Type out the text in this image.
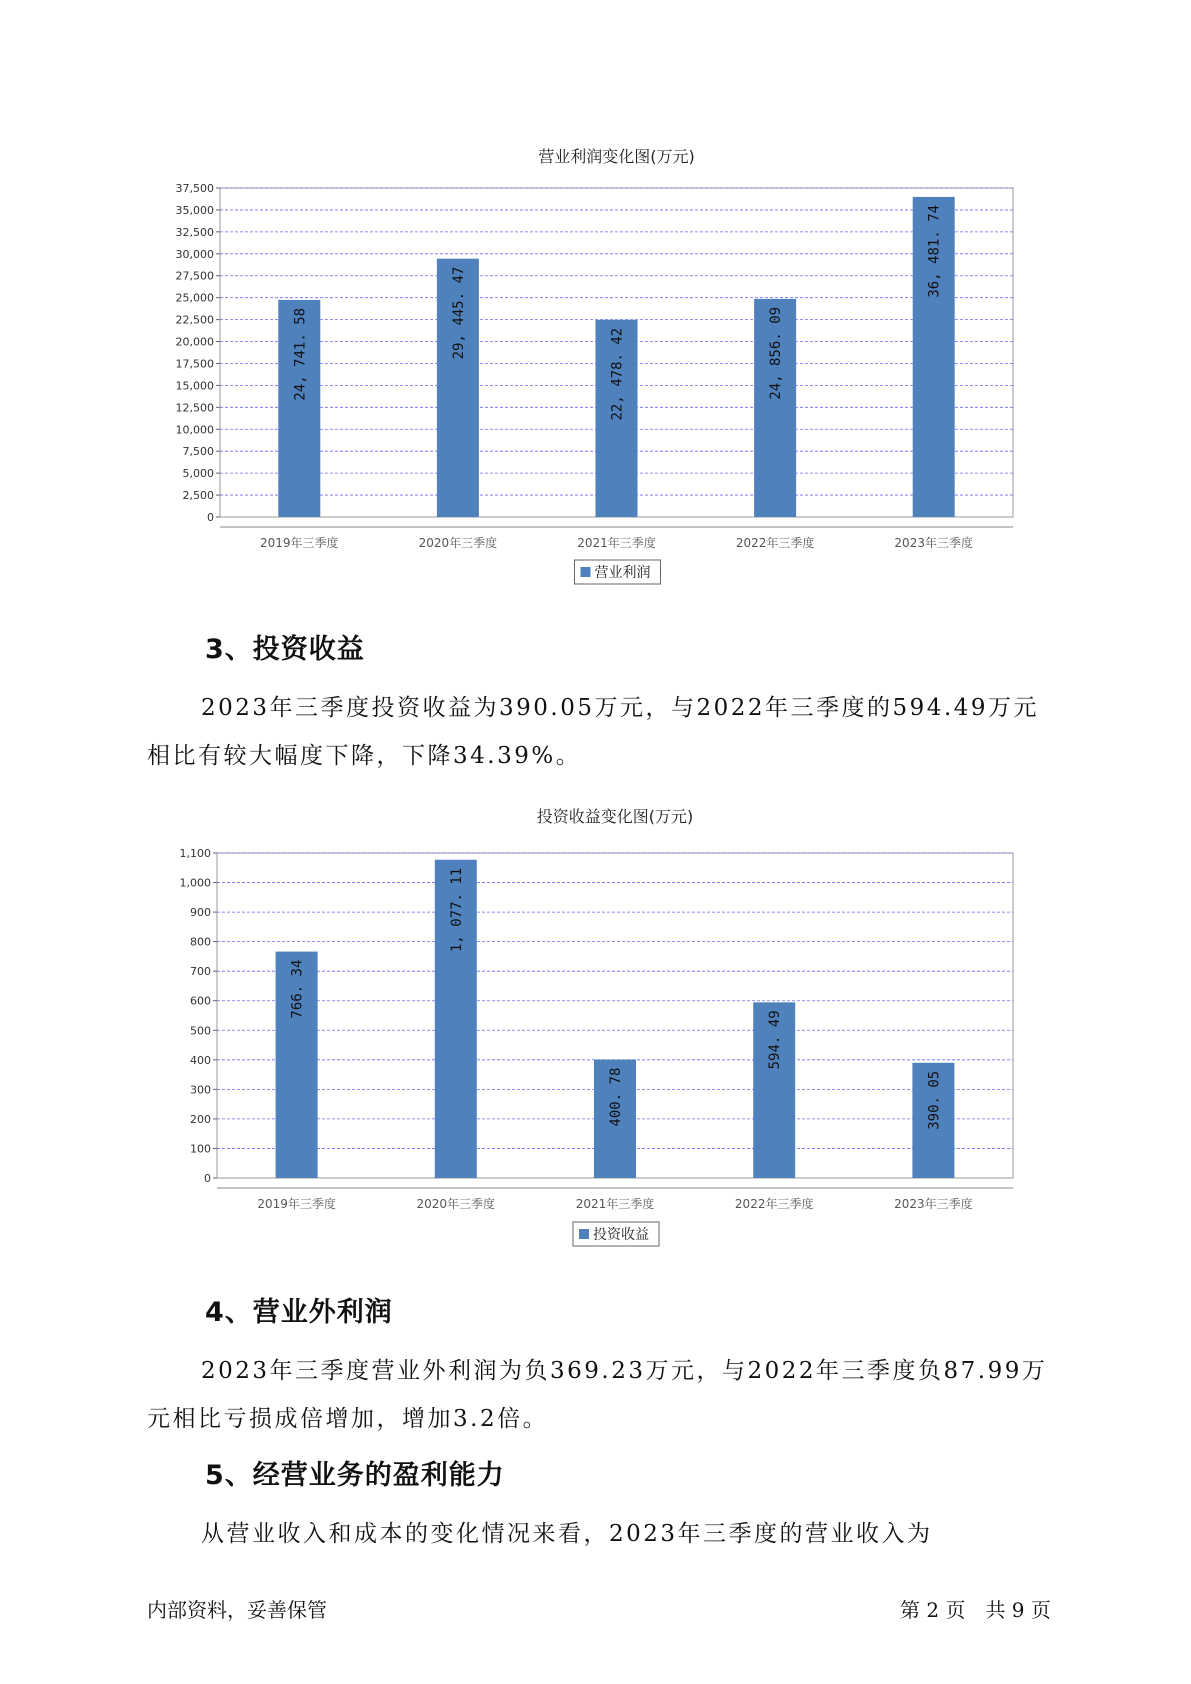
营业利润变化图(万元)
0
2,500
5,000
7,500
10,000
12,500
15,000
17,500
20,000
22,500
25,000
27,500
30,000
32,500
35,000
37,500
24, 741. 58
2019年三季度
29, 445. 47
2020年三季度
22, 478. 42
2021年三季度
24, 856. 09
2022年三季度
36, 481. 74
2023年三季度
营业利润
3、投资收益

2023年三季度投资收益为390.05万元，与2022年三季度的594.49万元相比有较大幅度下降，下降34.39%。

投资收益变化图(万元)
0
100
200
300
400
500
600
700
800
900
1,000
1,100
766. 34
2019年三季度
1, 077. 11
2020年三季度
400. 78
2021年三季度
594. 49
2022年三季度
390. 05
2023年三季度
投资收益
4、营业外利润

2023年三季度营业外利润为负369.23万元，与2022年三季度负87.99万元相比亏损成倍增加，增加3.2倍。

5、经营业务的盈利能力

从营业收入和成本的变化情况来看，2023年三季度的营业收入为

内部资料，妥善保管	第 2 页　共 9 页
